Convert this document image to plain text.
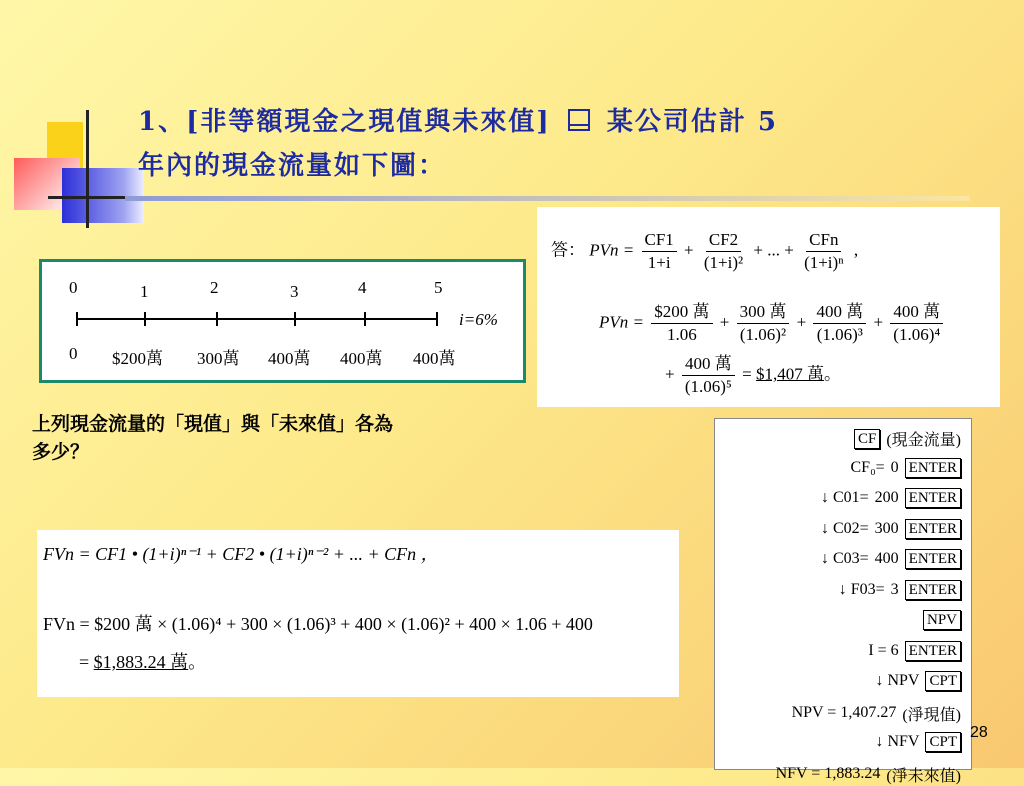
1、[非等額現金之現值與未來值] 某公司估計 5
年內的現金流量如下圖：
0	1	2	3	4	5
i=6%
0 $200萬 300萬 400萬 400萬 400萬

上列現金流量的「現值」與「未來值」各為
多少？

答： PVn = $\frac{CF1}{1+i} + \frac{CF2}{\text{(1+i)²}}$ + ... + $\frac{\text{CFn}}{\text{(1+i)ⁿ}}$ ,
PVn = $\frac{\text{\$200 萬}}{1.06} + \frac{\text{300 萬}}{\text{(1.06)²}} + \frac{\text{400 萬}}{\text{(1.06)³}} + \frac{\text{400 萬}}{\text{(1.06)⁴}}$
+ $\frac{\text{400 萬}}{\text{(1.06)⁵}}$ = $1,407 萬。
FVn = CF1 • (1+i)ⁿ⁻¹ + CF2 • (1+i)ⁿ⁻² + ... + CFn ，
FVn = $200 萬 × (1.06)⁴ + 300 × (1.06)³ + 400 × (1.06)² + 400 × 1.06 + 400
= $1,883.24 萬。
CF (現金流量)
CF₀= 0 ENTER
↓ C01= 200 ENTER
↓ C02= 300 ENTER
↓ C03= 400 ENTER
↓ F03= 3 ENTER
NPV
I = 6 ENTER
↓ NPV CPT
NPV = 1,407.27 (淨現值)
↓ NFV CPT
NFV = 1,883.24 (淨未來值)
28
